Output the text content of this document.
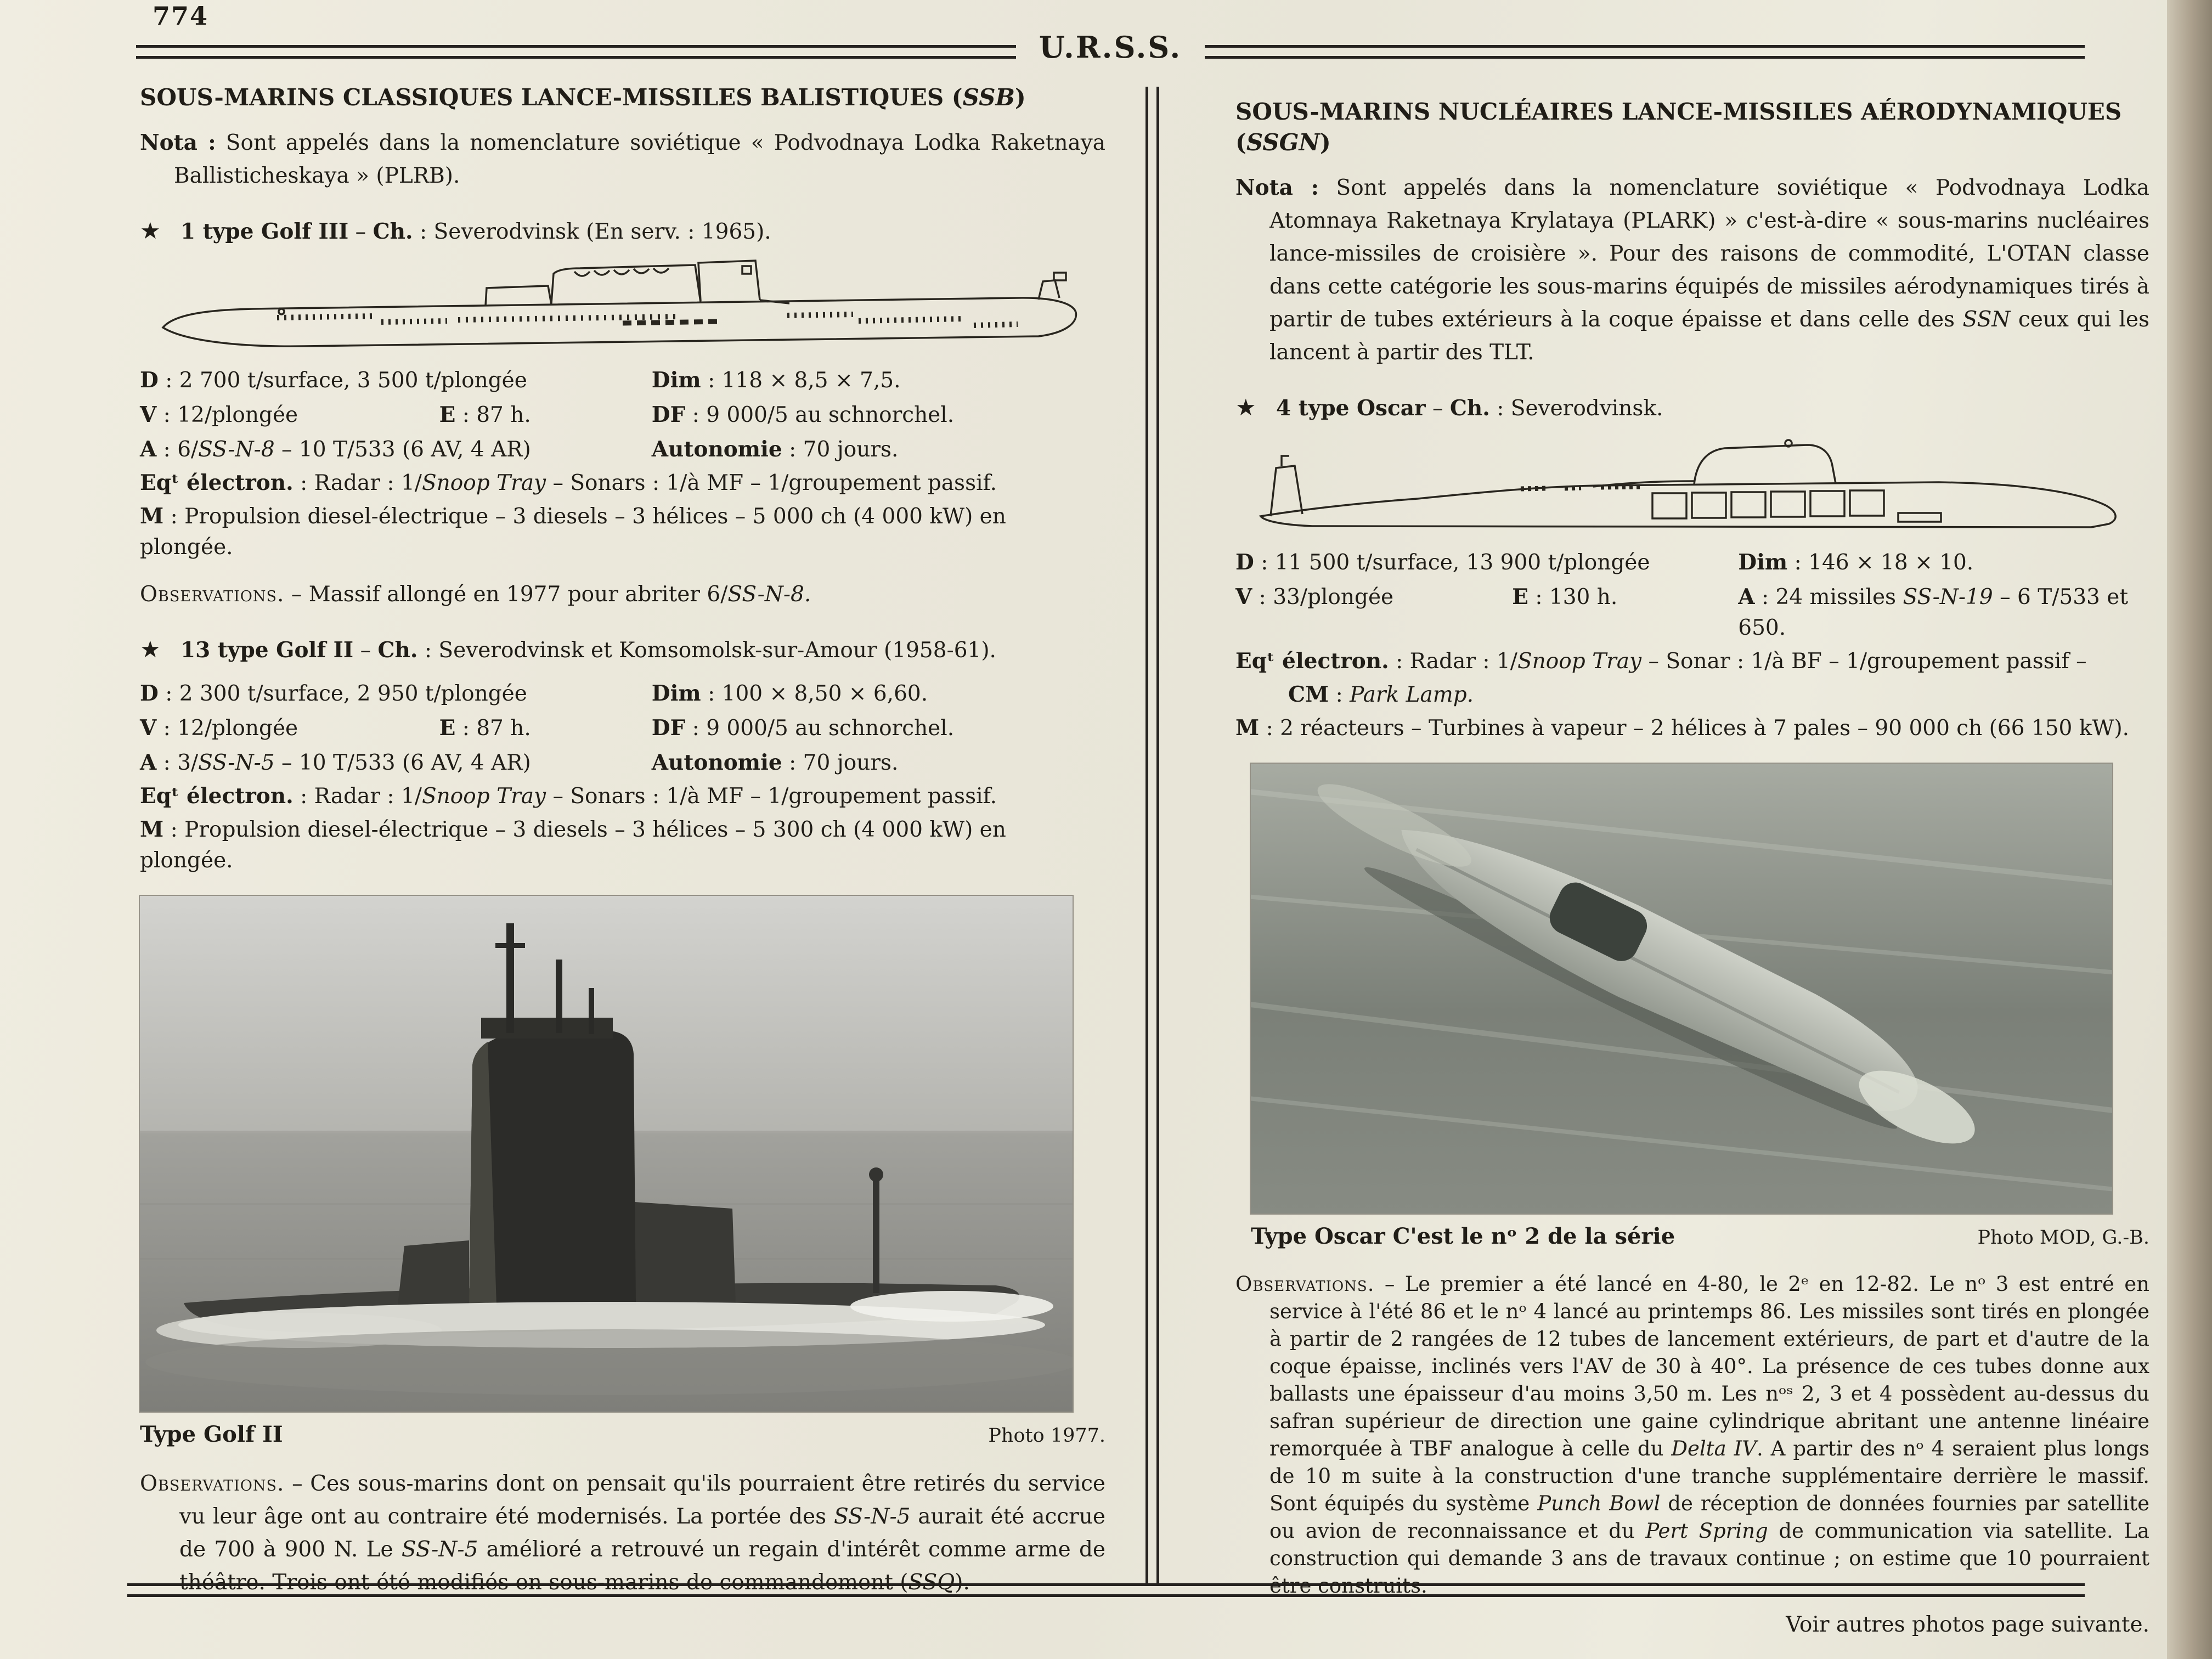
774
U.R.S.S.
SOUS-MARINS CLASSIQUES LANCE-MISSILES BALISTIQUES (SSB)
Nota : Sont appelés dans la nomenclature soviétique « Podvodnaya Lodka Raketnaya Ballisticheskaya » (PLRB).
★ 1 type Golf III – Ch. : Severodvinsk (En serv. : 1965).
D : 2 700 t/surface, 3 500 t/plongée	Dim : 118 × 8,5 × 7,5.
V : 12/plongée	E : 87 h.	DF : 9 000/5 au schnorchel.
A : 6/SS-N-8 – 10 T/533 (6 AV, 4 AR)	Autonomie : 70 jours.
Eqᵗ électron. : Radar : 1/Snoop Tray – Sonars : 1/à MF – 1/groupement passif.
M : Propulsion diesel-électrique – 3 diesels – 3 hélices – 5 000 ch (4 000 kW) en plongée.
Observations. – Massif allongé en 1977 pour abriter 6/SS-N-8.
★ 13 type Golf II – Ch. : Severodvinsk et Komsomolsk-sur-Amour (1958-61).
D : 2 300 t/surface, 2 950 t/plongée	Dim : 100 × 8,50 × 6,60.
V : 12/plongée	E : 87 h.	DF : 9 000/5 au schnorchel.
A : 3/SS-N-5 – 10 T/533 (6 AV, 4 AR)	Autonomie : 70 jours.
Eqᵗ électron. : Radar : 1/Snoop Tray – Sonars : 1/à MF – 1/groupement passif.
M : Propulsion diesel-électrique – 3 diesels – 3 hélices – 5 300 ch (4 000 kW) en plongée.
Type Golf II	Photo 1977.
Observations. – Ces sous-marins dont on pensait qu'ils pourraient être retirés du service vu leur âge ont au contraire été modernisés. La portée des SS-N-5 aurait été accrue de 700 à 900 N. Le SS-N-5 amélioré a retrouvé un regain d'intérêt comme arme de théâtre. Trois ont été modifiés en sous-marins de commandement (SSQ).
SOUS-MARINS NUCLÉAIRES LANCE-MISSILES AÉRODYNAMIQUES (SSGN)
Nota : Sont appelés dans la nomenclature soviétique « Podvodnaya Lodka Atomnaya Raketnaya Krylataya (PLARK) » c'est-à-dire « sous-marins nucléaires lance-missiles de croisière ». Pour des raisons de commodité, L'OTAN classe dans cette catégorie les sous-marins équipés de missiles aérodynamiques tirés à partir de tubes extérieurs à la coque épaisse et dans celle des SSN ceux qui les lancent à partir des TLT.
★ 4 type Oscar – Ch. : Severodvinsk.
D : 11 500 t/surface, 13 900 t/plongée	Dim : 146 × 18 × 10.
V : 33/plongée	E : 130 h.	A : 24 missiles SS-N-19 – 6 T/533 et 650.
Eqᵗ électron. : Radar : 1/Snoop Tray – Sonar : 1/à BF – 1/groupement passif –
CM : Park Lamp.
M : 2 réacteurs – Turbines à vapeur – 2 hélices à 7 pales – 90 000 ch (66 150 kW).
Type Oscar C'est le nᵒ 2 de la série	Photo MOD, G.-B.
Observations. – Le premier a été lancé en 4-80, le 2ᵉ en 12-82. Le nᵒ 3 est entré en service à l'été 86 et le nᵒ 4 lancé au printemps 86. Les missiles sont tirés en plongée à partir de 2 rangées de 12 tubes de lancement extérieurs, de part et d'autre de la coque épaisse, inclinés vers l'AV de 30 à 40°. La présence de ces tubes donne aux ballasts une épaisseur d'au moins 3,50 m. Les nᵒˢ 2, 3 et 4 possèdent au-dessus du safran supérieur de direction une gaine cylindrique abritant une antenne linéaire remorquée à TBF analogue à celle du Delta IV. A partir des nᵒ 4 seraient plus longs de 10 m suite à la construction d'une tranche supplémentaire derrière le massif. Sont équipés du système Punch Bowl de réception de données fournies par satellite ou avion de reconnaissance et du Pert Spring de communication via satellite. La construction qui demande 3 ans de travaux continue ; on estime que 10 pourraient être construits.
Voir autres photos page suivante.
